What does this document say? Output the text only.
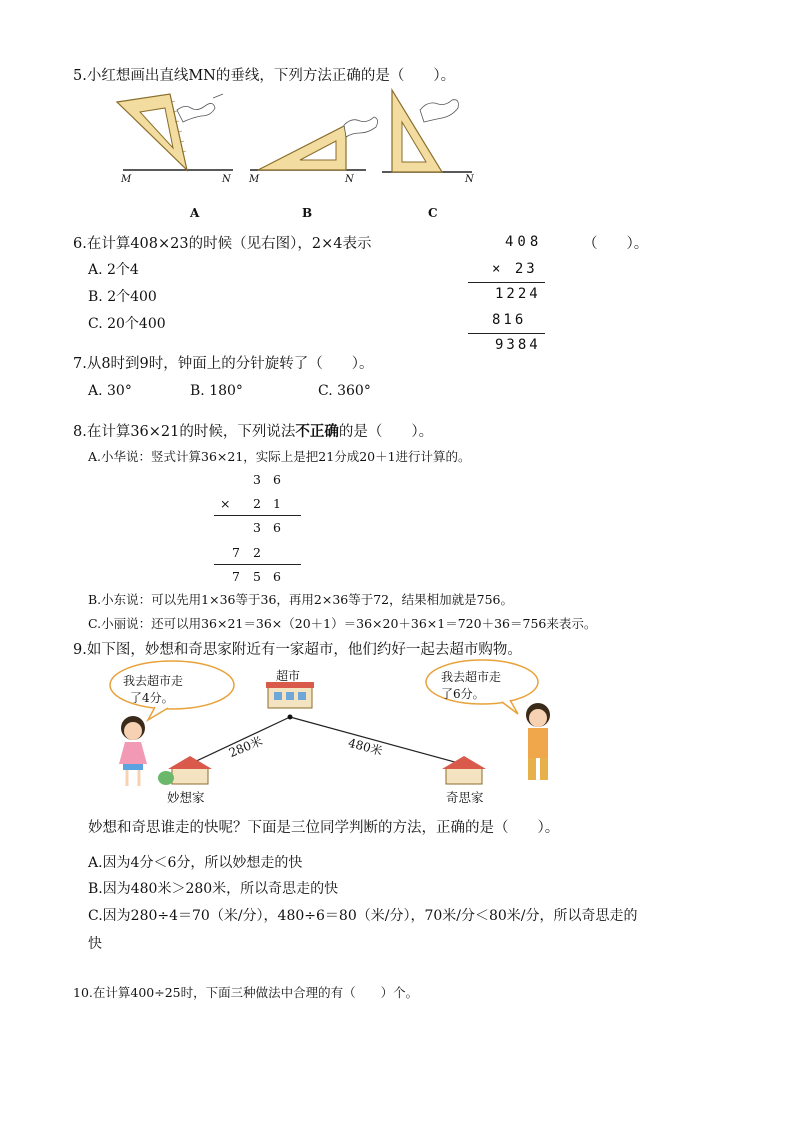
5.小红想画出直线MN的垂线，下列方法正确的是（　　）。
M	N
A
M	N
B
N
C
6.在计算408×23的时候（见右图），2×4表示	（　　）。
A. 2个4
B. 2个400
C. 20个400
408
× 23
1224
816
9384
7.从8时到9时，钟面上的分针旋转了（　　）。
A. 30°	B. 180°	C. 360°
8.在计算36×21的时候，下列说法不正确的是（　　）。
A.小华说：竖式计算36×21，实际上是把21分成20＋1进行计算的。
3 6
× 2 1
3 6
7 2
7 5 6
B.小东说：可以先用1×36等于36，再用2×36等于72，结果相加就是756。
C.小丽说：还可以用36×21＝36×（20＋1）＝36×20＋36×1＝720＋36＝756来表示。
9.如下图，妙想和奇思家附近有一家超市，他们约好一起去超市购物。
我去超市走
了4分。
我去超市走
了6分。
超市
280米	480米
妙想家	奇思家
妙想和奇思谁走的快呢？下面是三位同学判断的方法，正确的是（　　）。
A.因为4分＜6分，所以妙想走的快
B.因为480米＞280米，所以奇思走的快
C.因为280÷4＝70（米/分），480÷6＝80（米/分），70米/分＜80米/分，所以奇思走的
快
10.在计算400÷25时，下面三种做法中合理的有（　　）个。
